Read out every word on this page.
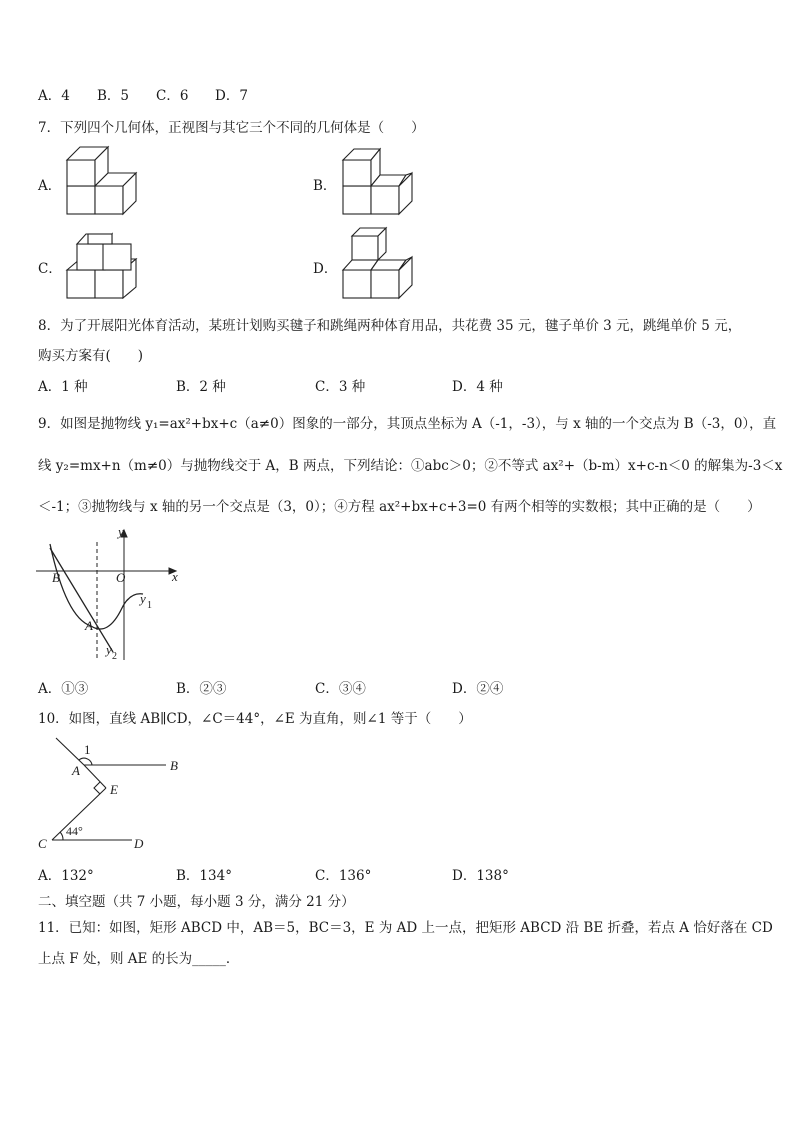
A．4 B．5 C．6 D．7
7．下列四个几何体，正视图与其它三个不同的几何体是（　　）
A．	B．
C．	D．
8．为了开展阳光体育活动，某班计划购买毽子和跳绳两种体育用品，共花费 35 元，毽子单价 3 元，跳绳单价 5 元，
购买方案有(　　)
A．1 种	B．2 种	C．3 种	D．4 种
9．如图是抛物线 y₁=ax²+bx+c（a≠0）图象的一部分，其顶点坐标为 A（-1，-3），与 x 轴的一个交点为 B（-3，0），直
线 y₂=mx+n（m≠0）与抛物线交于 A，B 两点，下列结论：①abc＞0；②不等式 ax²+（b-m）x+c-n＜0 的解集为-3＜x
＜-1；③抛物线与 x 轴的另一个交点是（3，0）；④方程 ax²+bx+c+3=0 有两个相等的实数根；其中正确的是（　　）
y
x
O
B
A
y 1
y 2
A．①③	B．②③	C．③④	D．②④
10．如图，直线 AB∥CD，∠C＝44°，∠E 为直角，则∠1 等于（　　）
1
A	B
E
C	D
44°
A．132°	B．134°	C．136°	D．138°
二、填空题（共 7 小题，每小题 3 分，满分 21 分）
11．已知：如图，矩形 ABCD 中，AB＝5，BC＝3，E 为 AD 上一点，把矩形 ABCD 沿 BE 折叠，若点 A 恰好落在 CD
上点 F 处，则 AE 的长为_____．
